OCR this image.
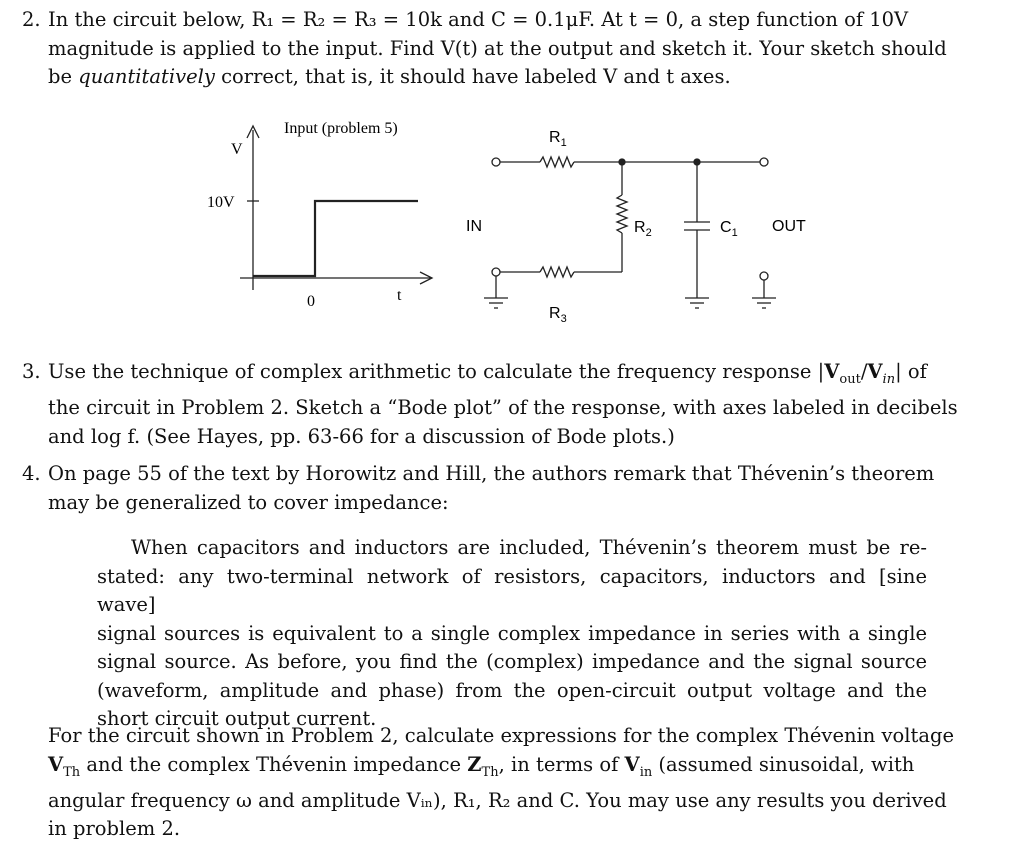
2. In the circuit below, R₁ = R₂ = R₃ = 10k and C = 0.1μF. At t = 0, a step function of 10V
magnitude is applied to the input. Find V(t) at the output and sketch it. Your sketch should
be quantitatively correct, that is, it should have labeled V and t axes.
Input (problem 5)
V
10V
0	t
$R_1$
$R_2$
$R_3$
$C_1$
IN	OUT
3. Use the technique of complex arithmetic to calculate the frequency response $|V_{out}/V_{in}|$ of
the circuit in Problem 2. Sketch a “Bode plot” of the response, with axes labeled in decibels
and log f. (See Hayes, pp. 63-66 for a discussion of Bode plots.)
4. On page 55 of the text by Horowitz and Hill, the authors remark that Thévenin’s theorem
may be generalized to cover impedance:
When capacitors and inductors are included, Thévenin’s theorem must be re-
stated: any two-terminal network of resistors, capacitors, inductors and [sine wave]
signal sources is equivalent to a single complex impedance in series with a single
signal source. As before, you find the (complex) impedance and the signal source
(waveform, amplitude and phase) from the open-circuit output voltage and the
short circuit output current.
For the circuit shown in Problem 2, calculate expressions for the complex Thévenin voltage
$V_{Th}$ and the complex Thévenin impedance $Z_{Th}$, in terms of $V_{in}$ (assumed sinusoidal, with
angular frequency ω and amplitude Vᵢₙ), R₁, R₂ and C. You may use any results you derived
in problem 2.
